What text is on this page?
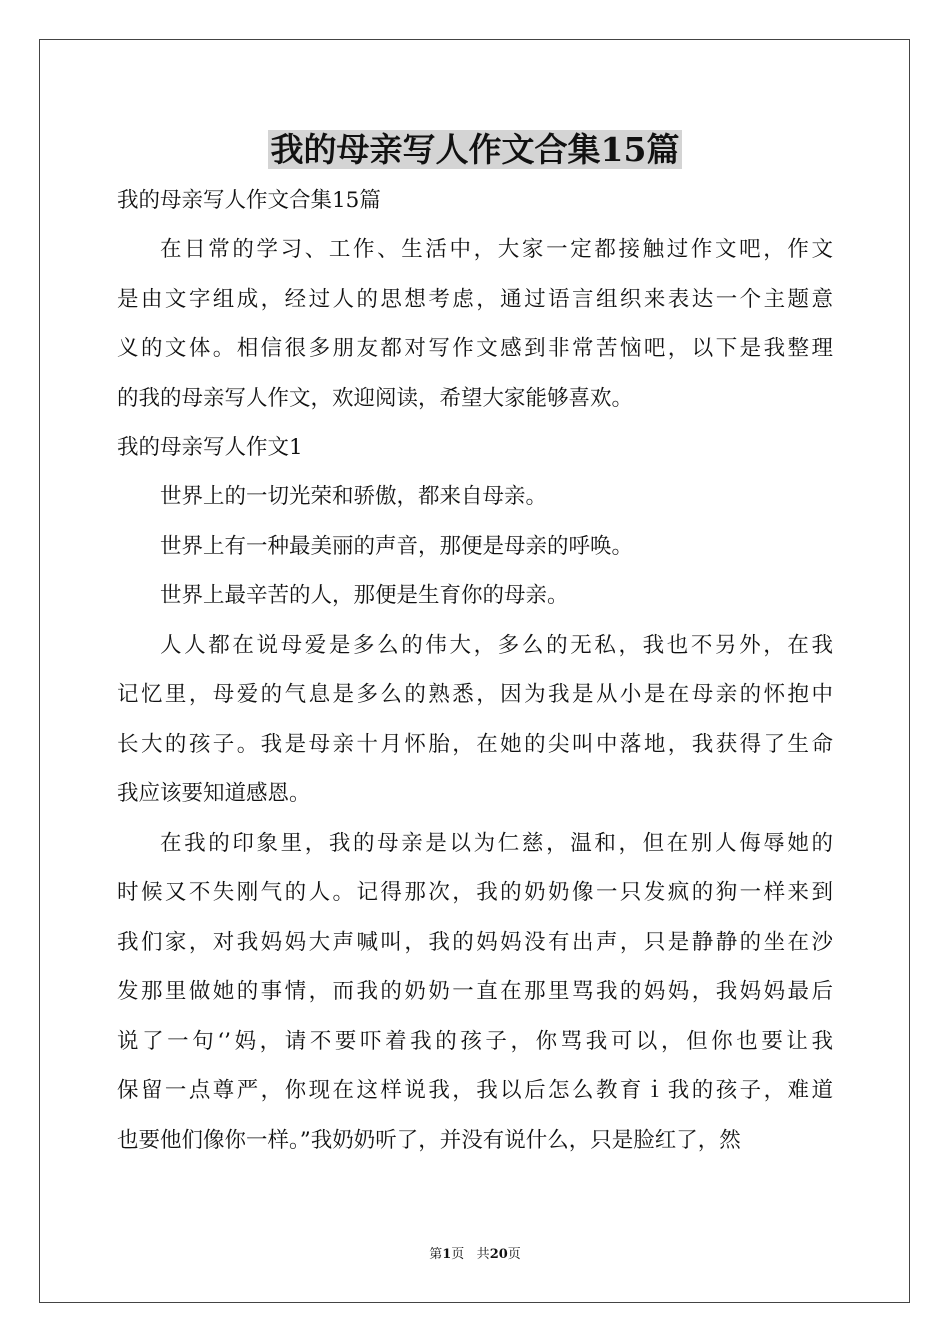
我的母亲写人作文合集15篇

我的母亲写人作文合集15篇

在日常的学习、工作、生活中，大家一定都接触过作文吧，作文
是由文字组成，经过人的思想考虑，通过语言组织来表达一个主题意
义的文体。相信很多朋友都对写作文感到非常苦恼吧，以下是我整理
的我的母亲写人作文，欢迎阅读，希望大家能够喜欢。

我的母亲写人作文1

世界上的一切光荣和骄傲，都来自母亲。
世界上有一种最美丽的声音，那便是母亲的呼唤。
世界上最辛苦的人，那便是生育你的母亲。
人人都在说母爱是多么的伟大，多么的无私，我也不另外，在我
记忆里，母爱的气息是多么的熟悉，因为我是从小是在母亲的怀抱中
长大的孩子。我是母亲十月怀胎，在她的尖叫中落地，我获得了生命
我应该要知道感恩。
在我的印象里，我的母亲是以为仁慈，温和，但在别人侮辱她的
时候又不失刚气的人。记得那次，我的奶奶像一只发疯的狗一样来到
我们家，对我妈妈大声喊叫，我的妈妈没有出声，只是静静的坐在沙
发那里做她的事情，而我的奶奶一直在那里骂我的妈妈，我妈妈最后
说了一句‘’妈，请不要吓着我的孩子，你骂我可以，但你也要让我
保留一点尊严，你现在这样说我，我以后怎么教育ｉ我的孩子，难道
也要他们像你一样。”我奶奶听了，并没有说什么，只是脸红了，然
第1页 共20页
